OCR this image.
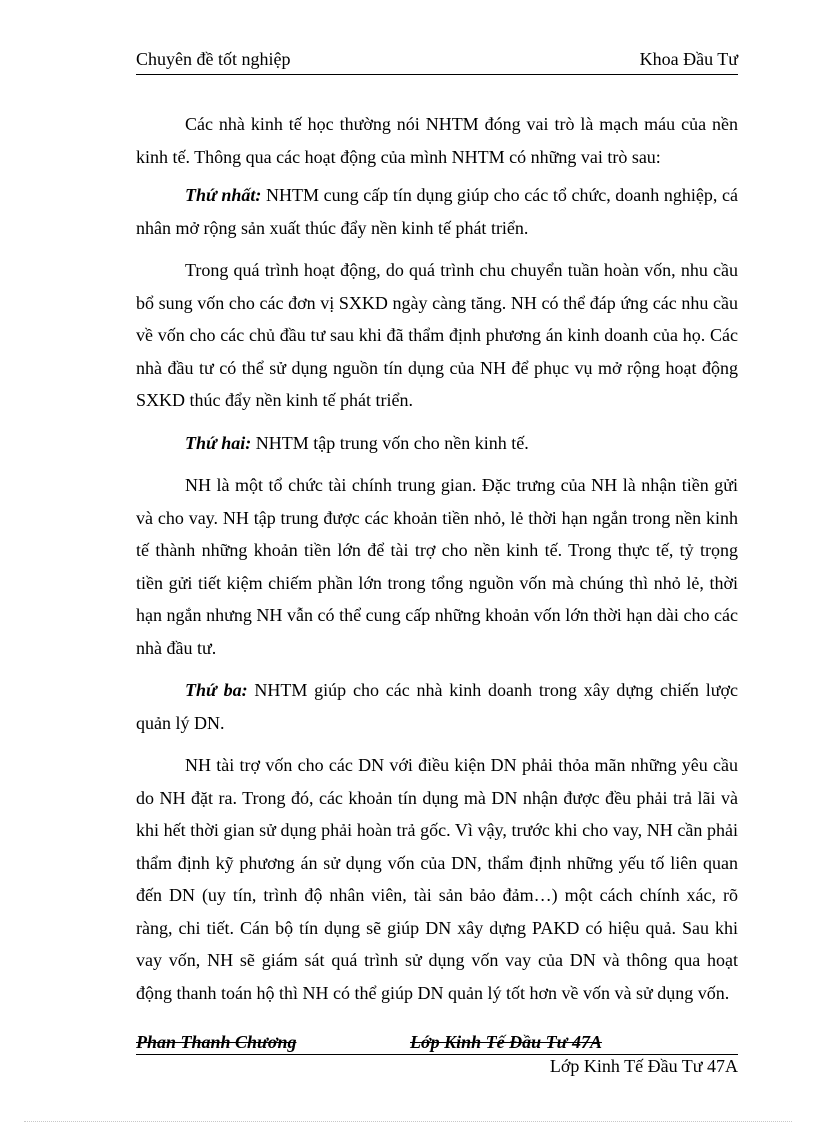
Chuyên đề tốt nghiệp	Khoa Đầu Tư

Các nhà kinh tế học thường nói NHTM đóng vai trò là mạch máu của nền kinh tế. Thông qua các hoạt động của mình NHTM có những vai trò sau:

Thứ nhất: NHTM cung cấp tín dụng giúp cho các tổ chức, doanh nghiệp, cá nhân mở rộng sản xuất thúc đẩy nền kinh tế phát triển.

Trong quá trình hoạt động, do quá trình chu chuyển tuần hoàn vốn, nhu cầu bổ sung vốn cho các đơn vị SXKD ngày càng tăng. NH có thể đáp ứng các nhu cầu về vốn cho các chủ đầu tư sau khi đã thẩm định phương án kinh doanh của họ. Các nhà đầu tư có thể sử dụng nguồn tín dụng của NH để phục vụ mở rộng hoạt động SXKD thúc đẩy nền kinh tế phát triển.

Thứ hai: NHTM tập trung vốn cho nền kinh tế.

NH là một tổ chức tài chính trung gian. Đặc trưng của NH là nhận tiền gửi và cho vay. NH tập trung được các khoản tiền nhỏ, lẻ thời hạn ngắn trong nền kinh tế thành những khoản tiền lớn để tài trợ cho nền kinh tế. Trong thực tế, tỷ trọng tiền gửi tiết kiệm chiếm phần lớn trong tổng nguồn vốn mà chúng thì nhỏ lẻ, thời hạn ngắn nhưng NH vẫn có thể cung cấp những khoản vốn lớn thời hạn dài cho các nhà đầu tư.

Thứ ba: NHTM giúp cho các nhà kinh doanh trong xây dựng chiến lược quản lý DN.

NH tài trợ vốn cho các DN với điều kiện DN phải thỏa mãn những yêu cầu do NH đặt ra. Trong đó, các khoản tín dụng mà DN nhận được đều phải trả lãi và khi hết thời gian sử dụng phải hoàn trả gốc. Vì vậy, trước khi cho vay, NH cần phải thẩm định kỹ phương án sử dụng vốn của DN, thẩm định những yếu tố liên quan đến DN (uy tín, trình độ nhân viên, tài sản bảo đảm…) một cách chính xác, rõ ràng, chi tiết. Cán bộ tín dụng sẽ giúp DN xây dựng PAKD có hiệu quả. Sau khi vay vốn, NH sẽ giám sát quá trình sử dụng vốn vay của DN và thông qua hoạt động thanh toán hộ thì NH có thể giúp DN quản lý tốt hơn về vốn và sử dụng vốn.

Phan Thanh Chương	Lớp Kinh Tế Đầu Tư 47A
Lớp Kinh Tế Đầu Tư 47A
